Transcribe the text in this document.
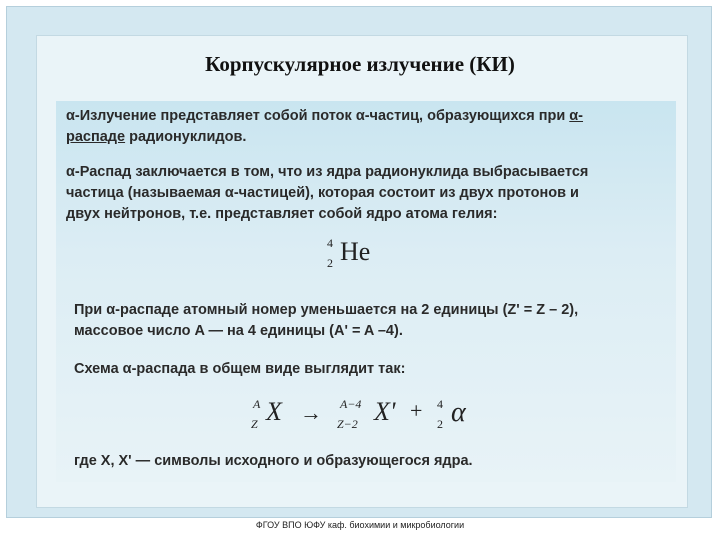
Корпускулярное излучение (КИ)
α-Излучение представляет собой поток α-частиц, образующихся при α-
распаде радионуклидов.
α-Распад заключается в том, что из ядра радионуклида выбрасывается
частица (называемая α-частицей), которая состоит из двух протонов и
двух нейтронов, т.е. представляет собой ядро атома гелия:
4
2 He
При α-распаде атомный номер уменьшается на 2 единицы (Z' = Z – 2),
массовое число A — на 4 единицы (A' = A –4).
Схема α-распада в общем виде выглядит так:
A
Z X → A−4
Z−2 X' + 4
2 α
где X, X' — символы исходного и образующегося ядра.
ФГОУ ВПО ЮФУ каф. биохимии и микробиологии
